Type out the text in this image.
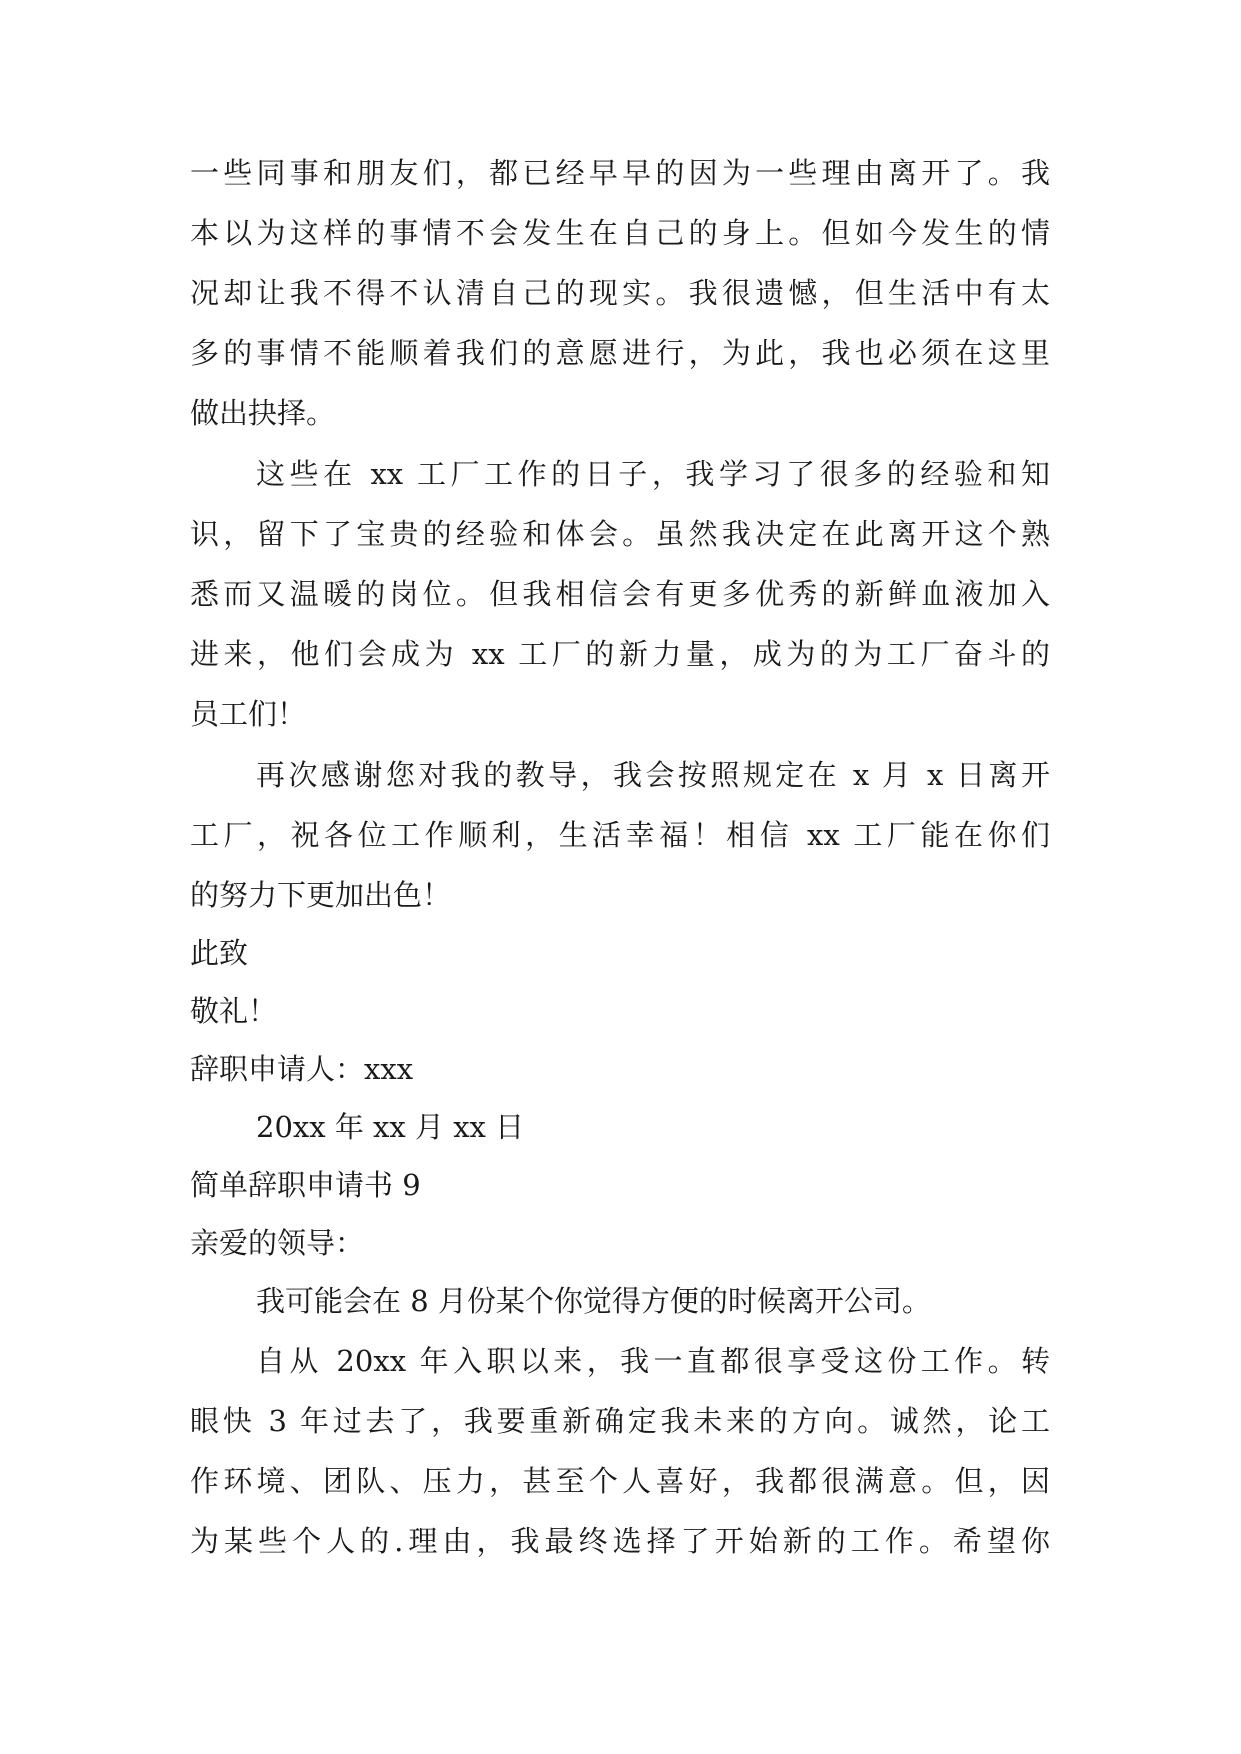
一些同事和朋友们，都已经早早的因为一些理由离开了。我
本以为这样的事情不会发生在自己的身上。但如今发生的情
况却让我不得不认清自己的现实。我很遗憾，但生活中有太
多的事情不能顺着我们的意愿进行，为此，我也必须在这里
做出抉择。
这些在 xx 工厂工作的日子，我学习了很多的经验和知
识，留下了宝贵的经验和体会。虽然我决定在此离开这个熟
悉而又温暖的岗位。但我相信会有更多优秀的新鲜血液加入
进来，他们会成为 xx 工厂的新力量，成为的为工厂奋斗的
员工们！
再次感谢您对我的教导，我会按照规定在 x 月 x 日离开
工厂，祝各位工作顺利，生活幸福！相信 xx 工厂能在你们
的努力下更加出色！
此致
敬礼！
辞职申请人：xxx
20xx 年 xx 月 xx 日
简单辞职申请书 9
亲爱的领导：
我可能会在 8 月份某个你觉得方便的时候离开公司。
自从 20xx 年入职以来，我一直都很享受这份工作。转
眼快 3 年过去了，我要重新确定我未来的方向。诚然，论工
作环境、团队、压力，甚至个人喜好，我都很满意。但，因
为某些个人的.理由，我最终选择了开始新的工作。希望你
